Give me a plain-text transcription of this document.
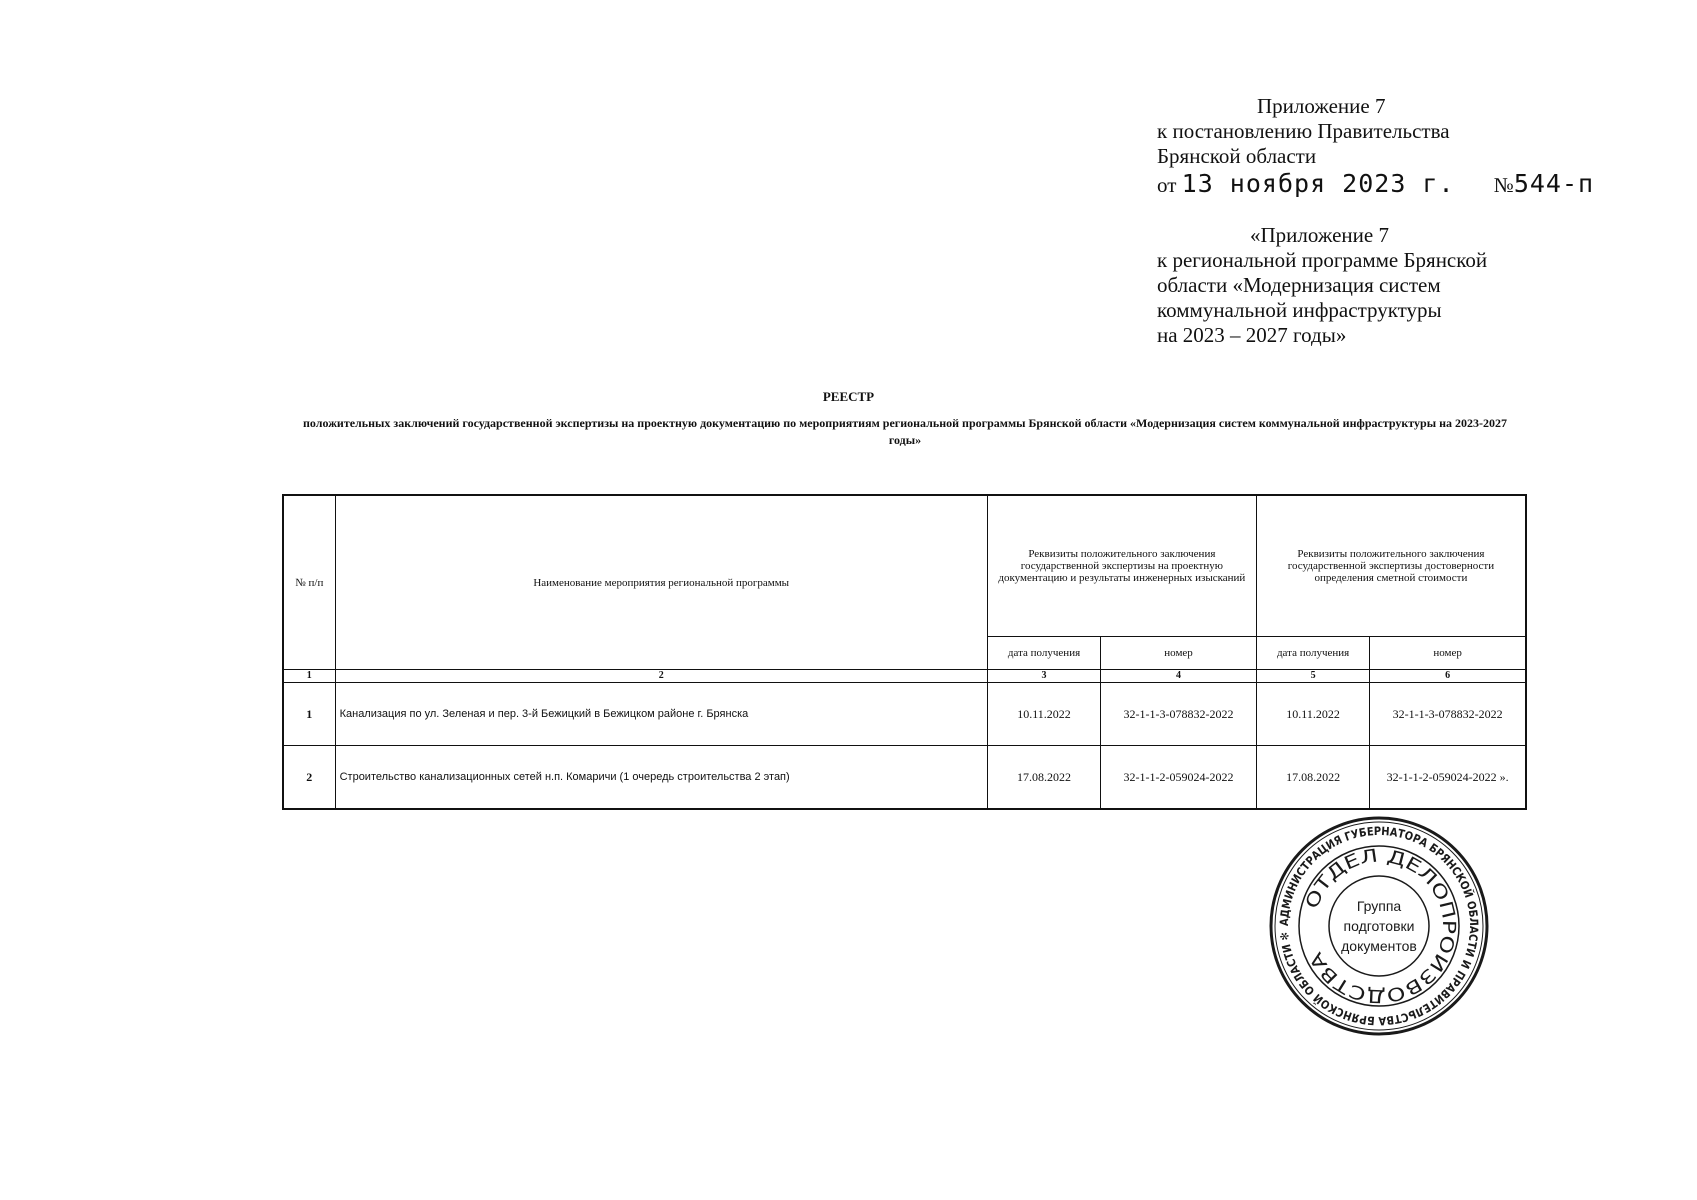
Приложение 7
к постановлению Правительства
Брянской области
от 13 ноября 2023 г. №544-п
«Приложение 7
к региональной программе Брянской
области «Модернизация систем
коммунальной инфраструктуры
на 2023 – 2027 годы»
РЕЕСТР
положительных заключений государственной экспертизы на проектную документацию по мероприятиям региональной программы Брянской области «Модернизация систем коммунальной инфраструктуры на 2023-2027 годы»
№ п/п	Наименование мероприятия региональной программы	Реквизиты положительного заключения государственной экспертизы на проектную документацию и результаты инженерных изысканий		Реквизиты положительного заключения государственной экспертизы достоверности определения сметной стоимости	
		дата получения	номер	дата получения	номер
1	2	3	4	5	6
1	Канализация по ул. Зеленая и пер. 3-й Бежицкий в Бежицком районе г. Брянска	10.11.2022	32-1-1-3-078832-2022	10.11.2022	32-1-1-3-078832-2022
2	Строительство канализационных сетей н.п. Комаричи (1 очередь строительства 2 этап)	17.08.2022	32-1-1-2-059024-2022	17.08.2022	32-1-1-2-059024-2022 ».
АДМИНИСТРАЦИЯ ГУБЕРНАТОРА БРЯНСКОЙ ОБЛАСТИ И ПРАВИТЕЛЬСТВА БРЯНСКОЙ ОБЛАСТИ ✻
ОТДЕЛ ДЕЛОПРОИЗВОДСТВА
Группа
подготовки
документов
